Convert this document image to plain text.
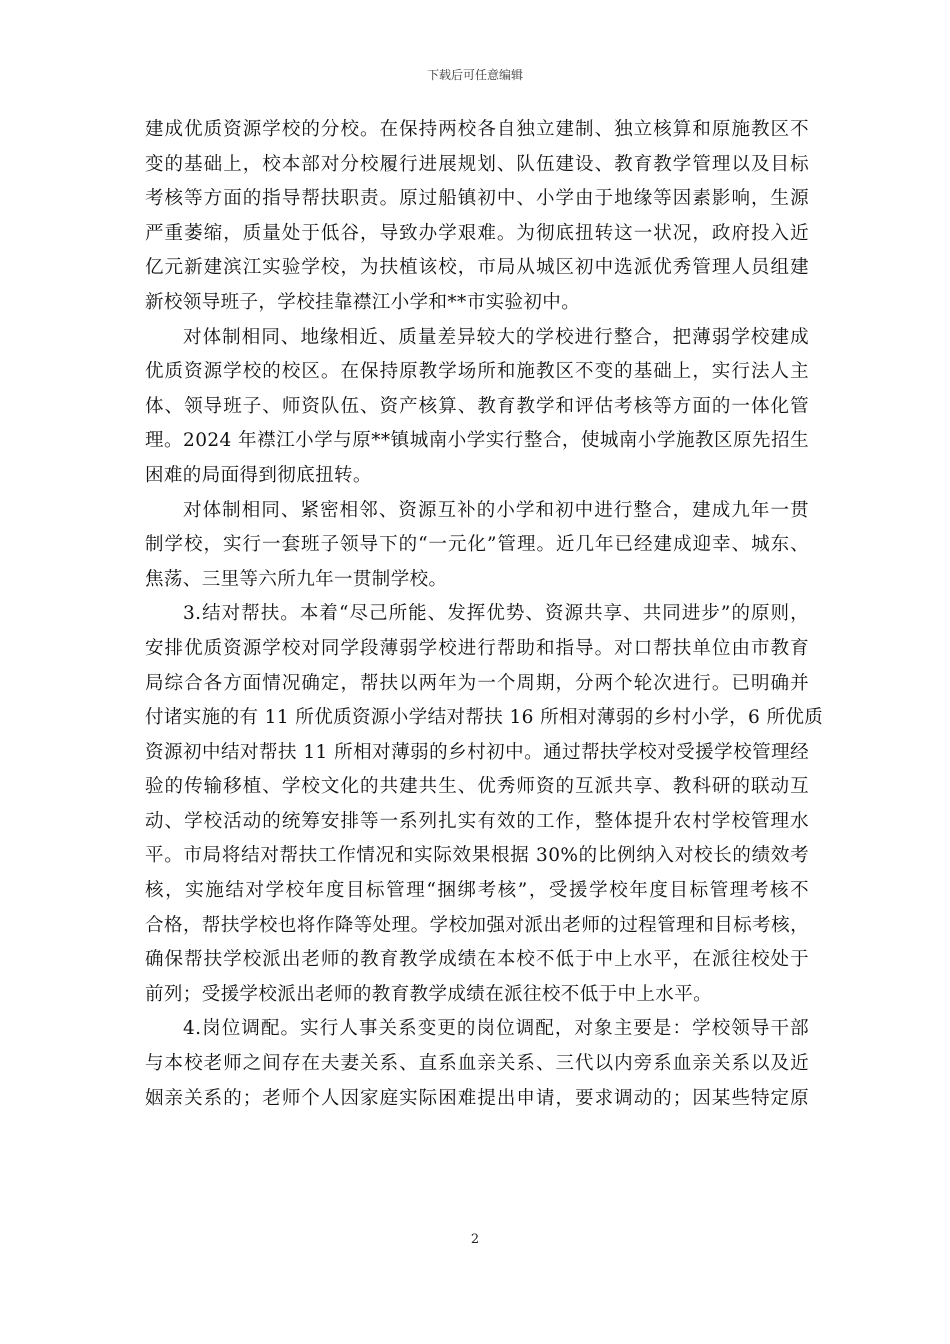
下载后可任意编辑
建成优质资源学校的分校。在保持两校各自独立建制、独立核算和原施教区不
变的基础上，校本部对分校履行进展规划、队伍建设、教育教学管理以及目标
考核等方面的指导帮扶职责。原过船镇初中、小学由于地缘等因素影响，生源
严重萎缩，质量处于低谷，导致办学艰难。为彻底扭转这一状况，政府投入近
亿元新建滨江实验学校，为扶植该校，市局从城区初中选派优秀管理人员组建
新校领导班子，学校挂靠襟江小学和**市实验初中。
对体制相同、地缘相近、质量差异较大的学校进行整合，把薄弱学校建成
优质资源学校的校区。在保持原教学场所和施教区不变的基础上，实行法人主
体、领导班子、师资队伍、资产核算、教育教学和评估考核等方面的一体化管
理。2024 年襟江小学与原**镇城南小学实行整合，使城南小学施教区原先招生
困难的局面得到彻底扭转。
对体制相同、紧密相邻、资源互补的小学和初中进行整合，建成九年一贯
制学校，实行一套班子领导下的“一元化”管理。近几年已经建成迎幸、城东、
焦荡、三里等六所九年一贯制学校。
3.结对帮扶。本着“尽己所能、发挥优势、资源共享、共同进步”的原则，
安排优质资源学校对同学段薄弱学校进行帮助和指导。对口帮扶单位由市教育
局综合各方面情况确定，帮扶以两年为一个周期，分两个轮次进行。已明确并
付诸实施的有 11 所优质资源小学结对帮扶 16 所相对薄弱的乡村小学，6 所优质
资源初中结对帮扶 11 所相对薄弱的乡村初中。通过帮扶学校对受援学校管理经
验的传输移植、学校文化的共建共生、优秀师资的互派共享、教科研的联动互
动、学校活动的统筹安排等一系列扎实有效的工作，整体提升农村学校管理水
平。市局将结对帮扶工作情况和实际效果根据 30%的比例纳入对校长的绩效考
核，实施结对学校年度目标管理“捆绑考核”，受援学校年度目标管理考核不
合格，帮扶学校也将作降等处理。学校加强对派出老师的过程管理和目标考核，
确保帮扶学校派出老师的教育教学成绩在本校不低于中上水平，在派往校处于
前列；受援学校派出老师的教育教学成绩在派往校不低于中上水平。
4.岗位调配。实行人事关系变更的岗位调配，对象主要是：学校领导干部
与本校老师之间存在夫妻关系、直系血亲关系、三代以内旁系血亲关系以及近
姻亲关系的；老师个人因家庭实际困难提出申请，要求调动的；因某些特定原
2
